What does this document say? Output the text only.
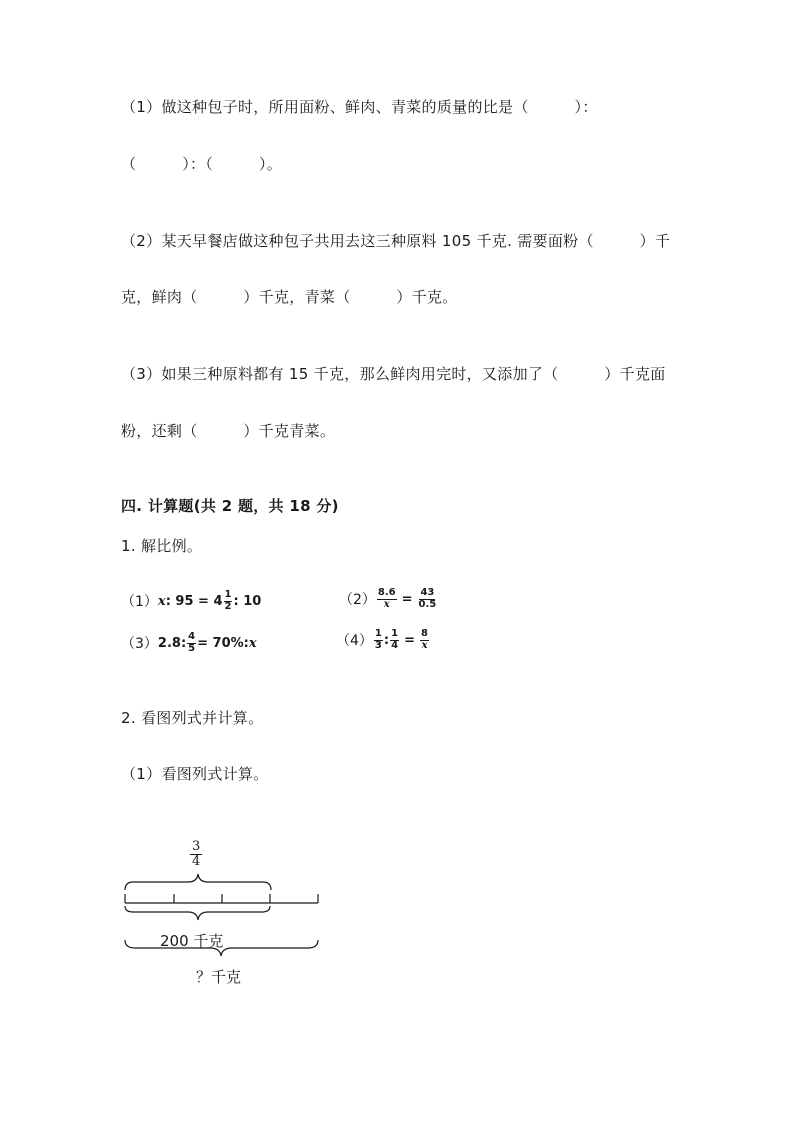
（1）做这种包子时，所用面粉、鲜肉、青菜的质量的比是（　　　）：
（　　　）：（　　　）。
（2）某天早餐店做这种包子共用去这三种原料 105 千克. 需要面粉（　　　）千
克，鲜肉（　　　）千克，青菜（　　　）千克。
（3）如果三种原料都有 15 千克，那么鲜肉用完时，又添加了（　　　）千克面
粉，还剩（　　　）千克青菜。
四. 计算题(共 2 题，共 18 分)
1. 解比例。
（1） x : $95 = 4 \frac{1}{2}$ : 10	$(2) \frac{8.6}{x} = \frac{43}{0.5}$
（3） 2.8: $\frac{4}{5} = 70\%$: x	$(4) \frac{1}{3}$ : $\frac{1}{4} = \frac{8}{x}$
2. 看图列式并计算。
（1）看图列式计算。
$\frac{3}{4}$
200 千克
？千克
